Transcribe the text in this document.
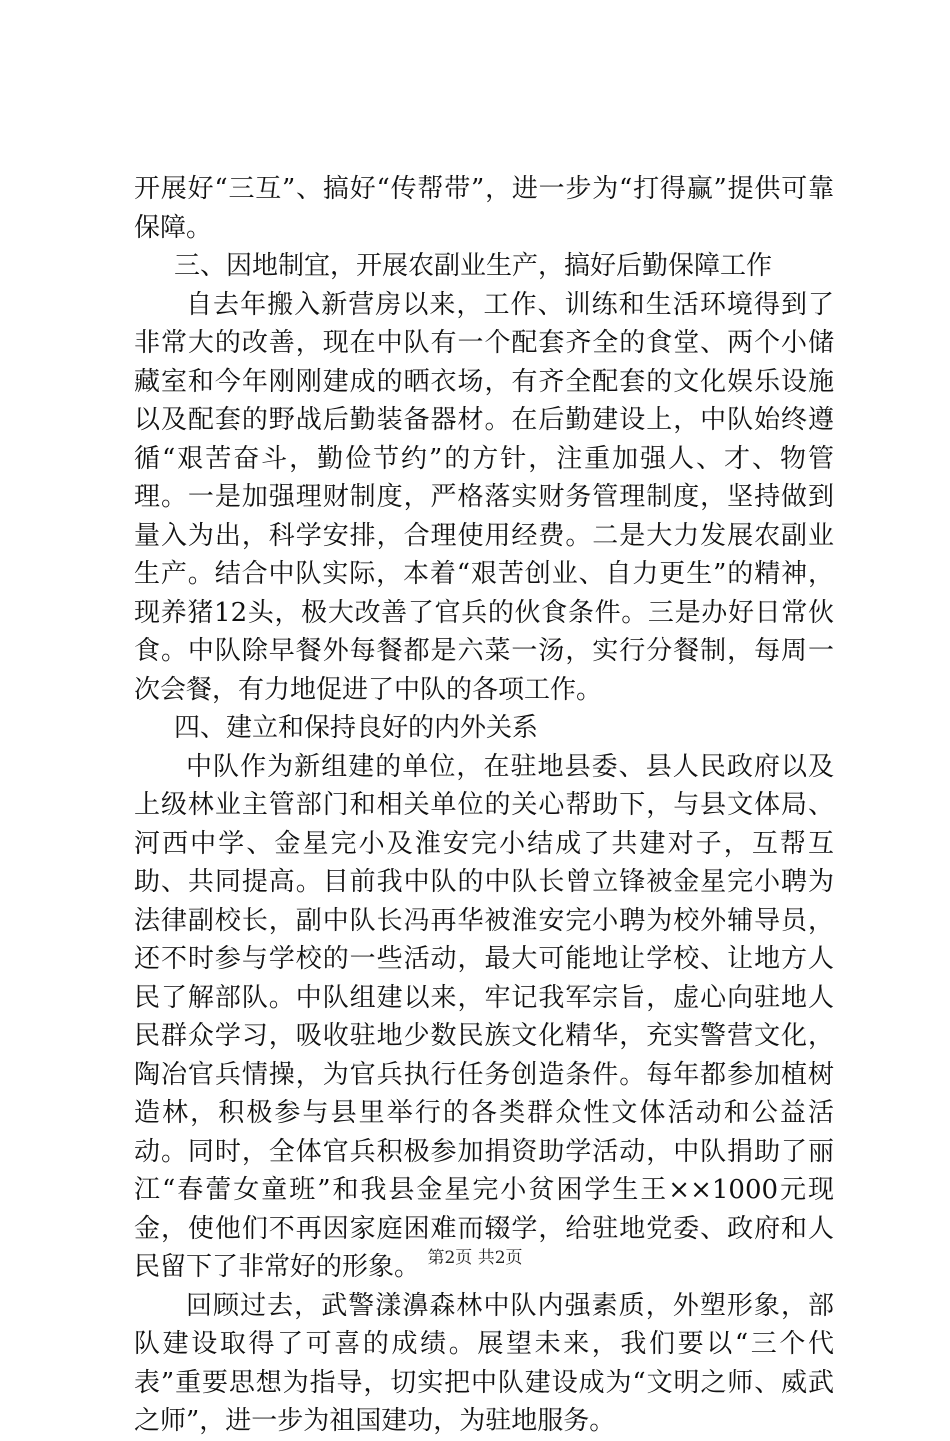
开展好“三互”、搞好“传帮带”，进一步为“打得赢”提供可靠保障。

三、因地制宜，开展农副业生产，搞好后勤保障工作

自去年搬入新营房以来，工作、训练和生活环境得到了非常大的改善，现在中队有一个配套齐全的食堂、两个小储藏室和今年刚刚建成的晒衣场，有齐全配套的文化娱乐设施以及配套的野战后勤装备器材。在后勤建设上，中队始终遵循“艰苦奋斗，勤俭节约”的方针，注重加强人、才、物管理。一是加强理财制度，严格落实财务管理制度，坚持做到量入为出，科学安排，合理使用经费。二是大力发展农副业生产。结合中队实际，本着“艰苦创业、自力更生”的精神，现养猪12头，极大改善了官兵的伙食条件。三是办好日常伙食。中队除早餐外每餐都是六菜一汤，实行分餐制，每周一次会餐，有力地促进了中队的各项工作。

四、建立和保持良好的内外关系

中队作为新组建的单位，在驻地县委、县人民政府以及上级林业主管部门和相关单位的关心帮助下，与县文体局、河西中学、金星完小及淮安完小结成了共建对子，互帮互助、共同提高。目前我中队的中队长曾立锋被金星完小聘为法律副校长，副中队长冯再华被淮安完小聘为校外辅导员，还不时参与学校的一些活动，最大可能地让学校、让地方人民了解部队。中队组建以来，牢记我军宗旨，虚心向驻地人民群众学习，吸收驻地少数民族文化精华，充实警营文化，陶冶官兵情操，为官兵执行任务创造条件。每年都参加植树造林，积极参与县里举行的各类群众性文体活动和公益活动。同时，全体官兵积极参加捐资助学活动，中队捐助了丽江“春蕾女童班”和我县金星完小贫困学生王××1000元现金，使他们不再因家庭困难而辍学，给驻地党委、政府和人民留下了非常好的形象。

回顾过去，武警漾濞森林中队内强素质，外塑形象，部队建设取得了可喜的成绩。展望未来，我们要以“三个代表”重要思想为指导，切实把中队建设成为“文明之师、威武之师”，进一步为祖国建功，为驻地服务。

第2页 共2页
